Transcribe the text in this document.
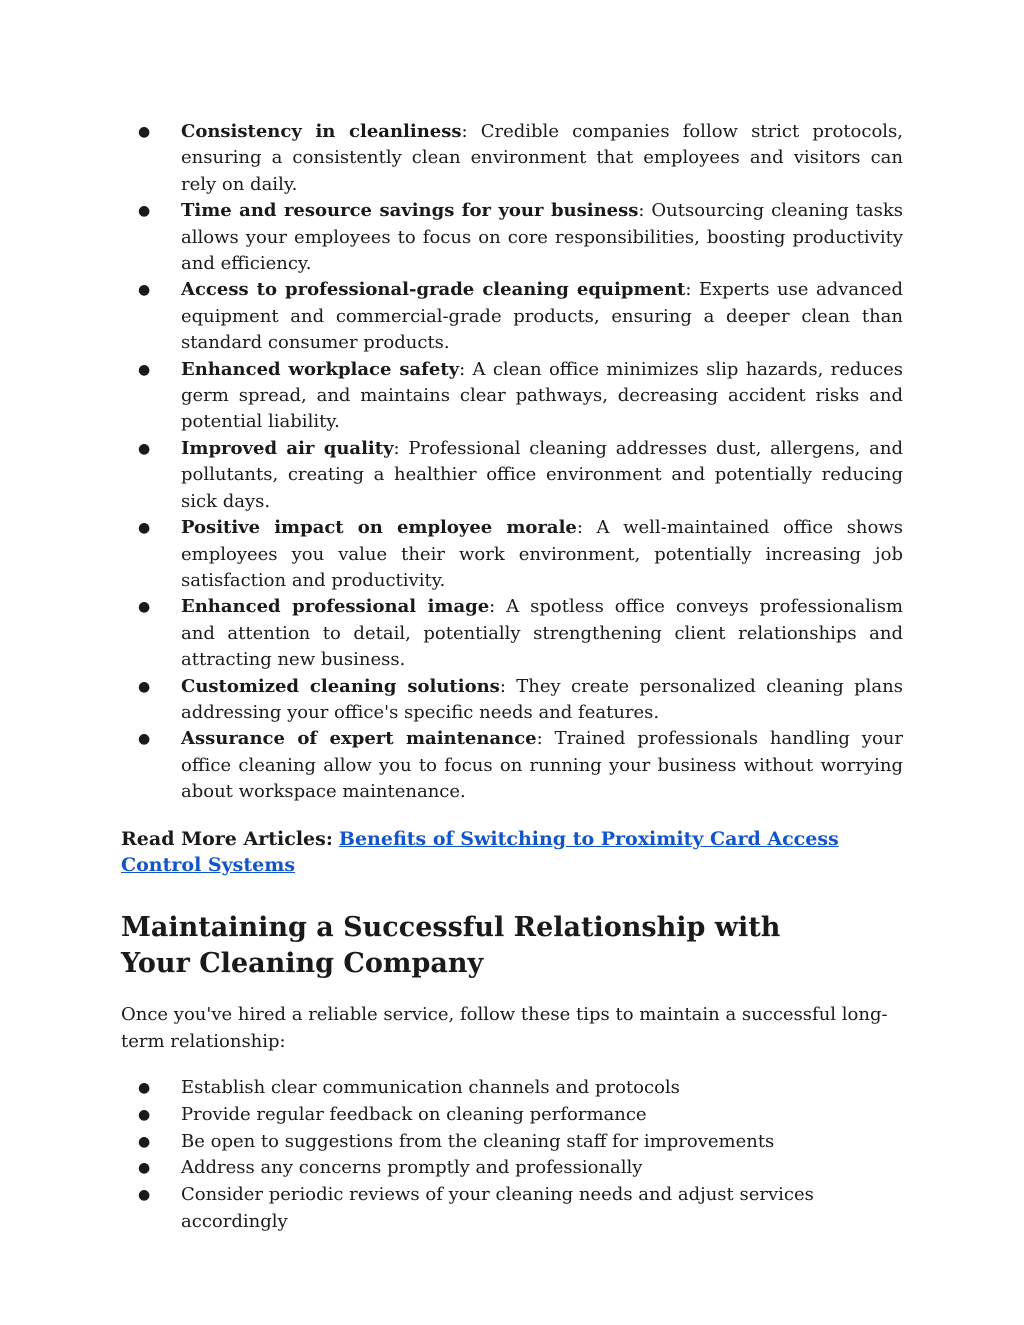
● Consistency in cleanliness: Credible companies follow strict protocols, ensuring a consistently clean environment that employees and visitors can rely on daily.
● Time and resource savings for your business: Outsourcing cleaning tasks allows your employees to focus on core responsibilities, boosting productivity and efficiency.
● Access to professional-grade cleaning equipment: Experts use advanced equipment and commercial-grade products, ensuring a deeper clean than standard consumer products.
● Enhanced workplace safety: A clean office minimizes slip hazards, reduces germ spread, and maintains clear pathways, decreasing accident risks and potential liability.
● Improved air quality: Professional cleaning addresses dust, allergens, and pollutants, creating a healthier office environment and potentially reducing sick days.
● Positive impact on employee morale: A well-maintained office shows employees you value their work environment, potentially increasing job satisfaction and productivity.
● Enhanced professional image: A spotless office conveys professionalism and attention to detail, potentially strengthening client relationships and attracting new business.
● Customized cleaning solutions: They create personalized cleaning plans addressing your office's specific needs and features.
● Assurance of expert maintenance: Trained professionals handling your office cleaning allow you to focus on running your business without worrying about workspace maintenance.
Read More Articles: Benefits of Switching to Proximity Card Access Control Systems
Maintaining a Successful Relationship with Your Cleaning Company

Once you've hired a reliable service, follow these tips to maintain a successful long-term relationship:

● Establish clear communication channels and protocols
● Provide regular feedback on cleaning performance
● Be open to suggestions from the cleaning staff for improvements
● Address any concerns promptly and professionally
● Consider periodic reviews of your cleaning needs and adjust services accordingly
